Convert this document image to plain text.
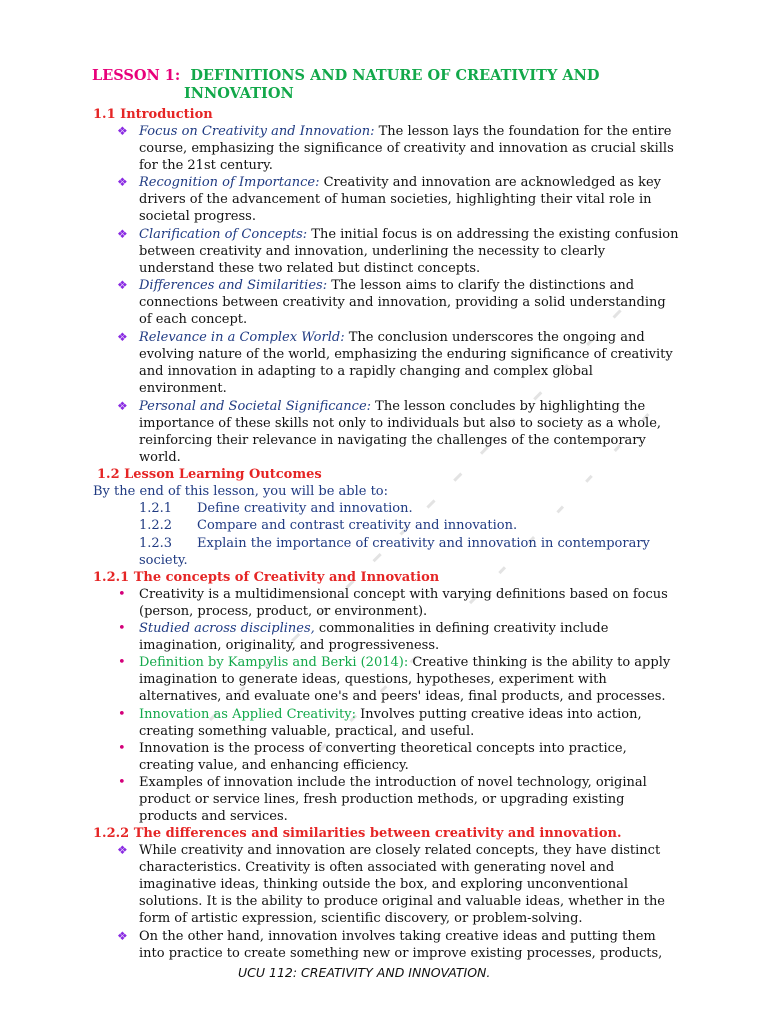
LESSON 1: DEFINITIONS AND NATURE OF CREATIVITY AND
INNOVATION
1.1 Introduction
❖ Focus on Creativity and Innovation: The lesson lays the foundation for the entire
course, emphasizing the significance of creativity and innovation as crucial skills
for the 21st century.
❖ Recognition of Importance: Creativity and innovation are acknowledged as key
drivers of the advancement of human societies, highlighting their vital role in
societal progress.
❖ Clarification of Concepts: The initial focus is on addressing the existing confusion
between creativity and innovation, underlining the necessity to clearly
understand these two related but distinct concepts.
❖ Differences and Similarities: The lesson aims to clarify the distinctions and
connections between creativity and innovation, providing a solid understanding
of each concept.
❖ Relevance in a Complex World: The conclusion underscores the ongoing and
evolving nature of the world, emphasizing the enduring significance of creativity
and innovation in adapting to a rapidly changing and complex global
environment.
❖ Personal and Societal Significance: The lesson concludes by highlighting the
importance of these skills not only to individuals but also to society as a whole,
reinforcing their relevance in navigating the challenges of the contemporary
world.
1.2 Lesson Learning Outcomes
By the end of this lesson, you will be able to:
1.2.1 Define creativity and innovation.
1.2.2 Compare and contrast creativity and innovation.
1.2.3 Explain the importance of creativity and innovation in contemporary
society.
1.2.1 The concepts of Creativity and Innovation
• Creativity is a multidimensional concept with varying definitions based on focus
(person, process, product, or environment).
• Studied across disciplines, commonalities in defining creativity include
imagination, originality, and progressiveness.
• Definition by Kampylis and Berki (2014): Creative thinking is the ability to apply
imagination to generate ideas, questions, hypotheses, experiment with
alternatives, and evaluate one's and peers' ideas, final products, and processes.
• Innovation as Applied Creativity: Involves putting creative ideas into action,
creating something valuable, practical, and useful.
• Innovation is the process of converting theoretical concepts into practice,
creating value, and enhancing efficiency.
• Examples of innovation include the introduction of novel technology, original
product or service lines, fresh production methods, or upgrading existing
products and services.
1.2.2 The differences and similarities between creativity and innovation.
❖ While creativity and innovation are closely related concepts, they have distinct
characteristics. Creativity is often associated with generating novel and
imaginative ideas, thinking outside the box, and exploring unconventional
solutions. It is the ability to produce original and valuable ideas, whether in the
form of artistic expression, scientific discovery, or problem-solving.
❖ On the other hand, innovation involves taking creative ideas and putting them
into practice to create something new or improve existing processes, products,
UCU 112: CREATIVITY AND INNOVATION.
